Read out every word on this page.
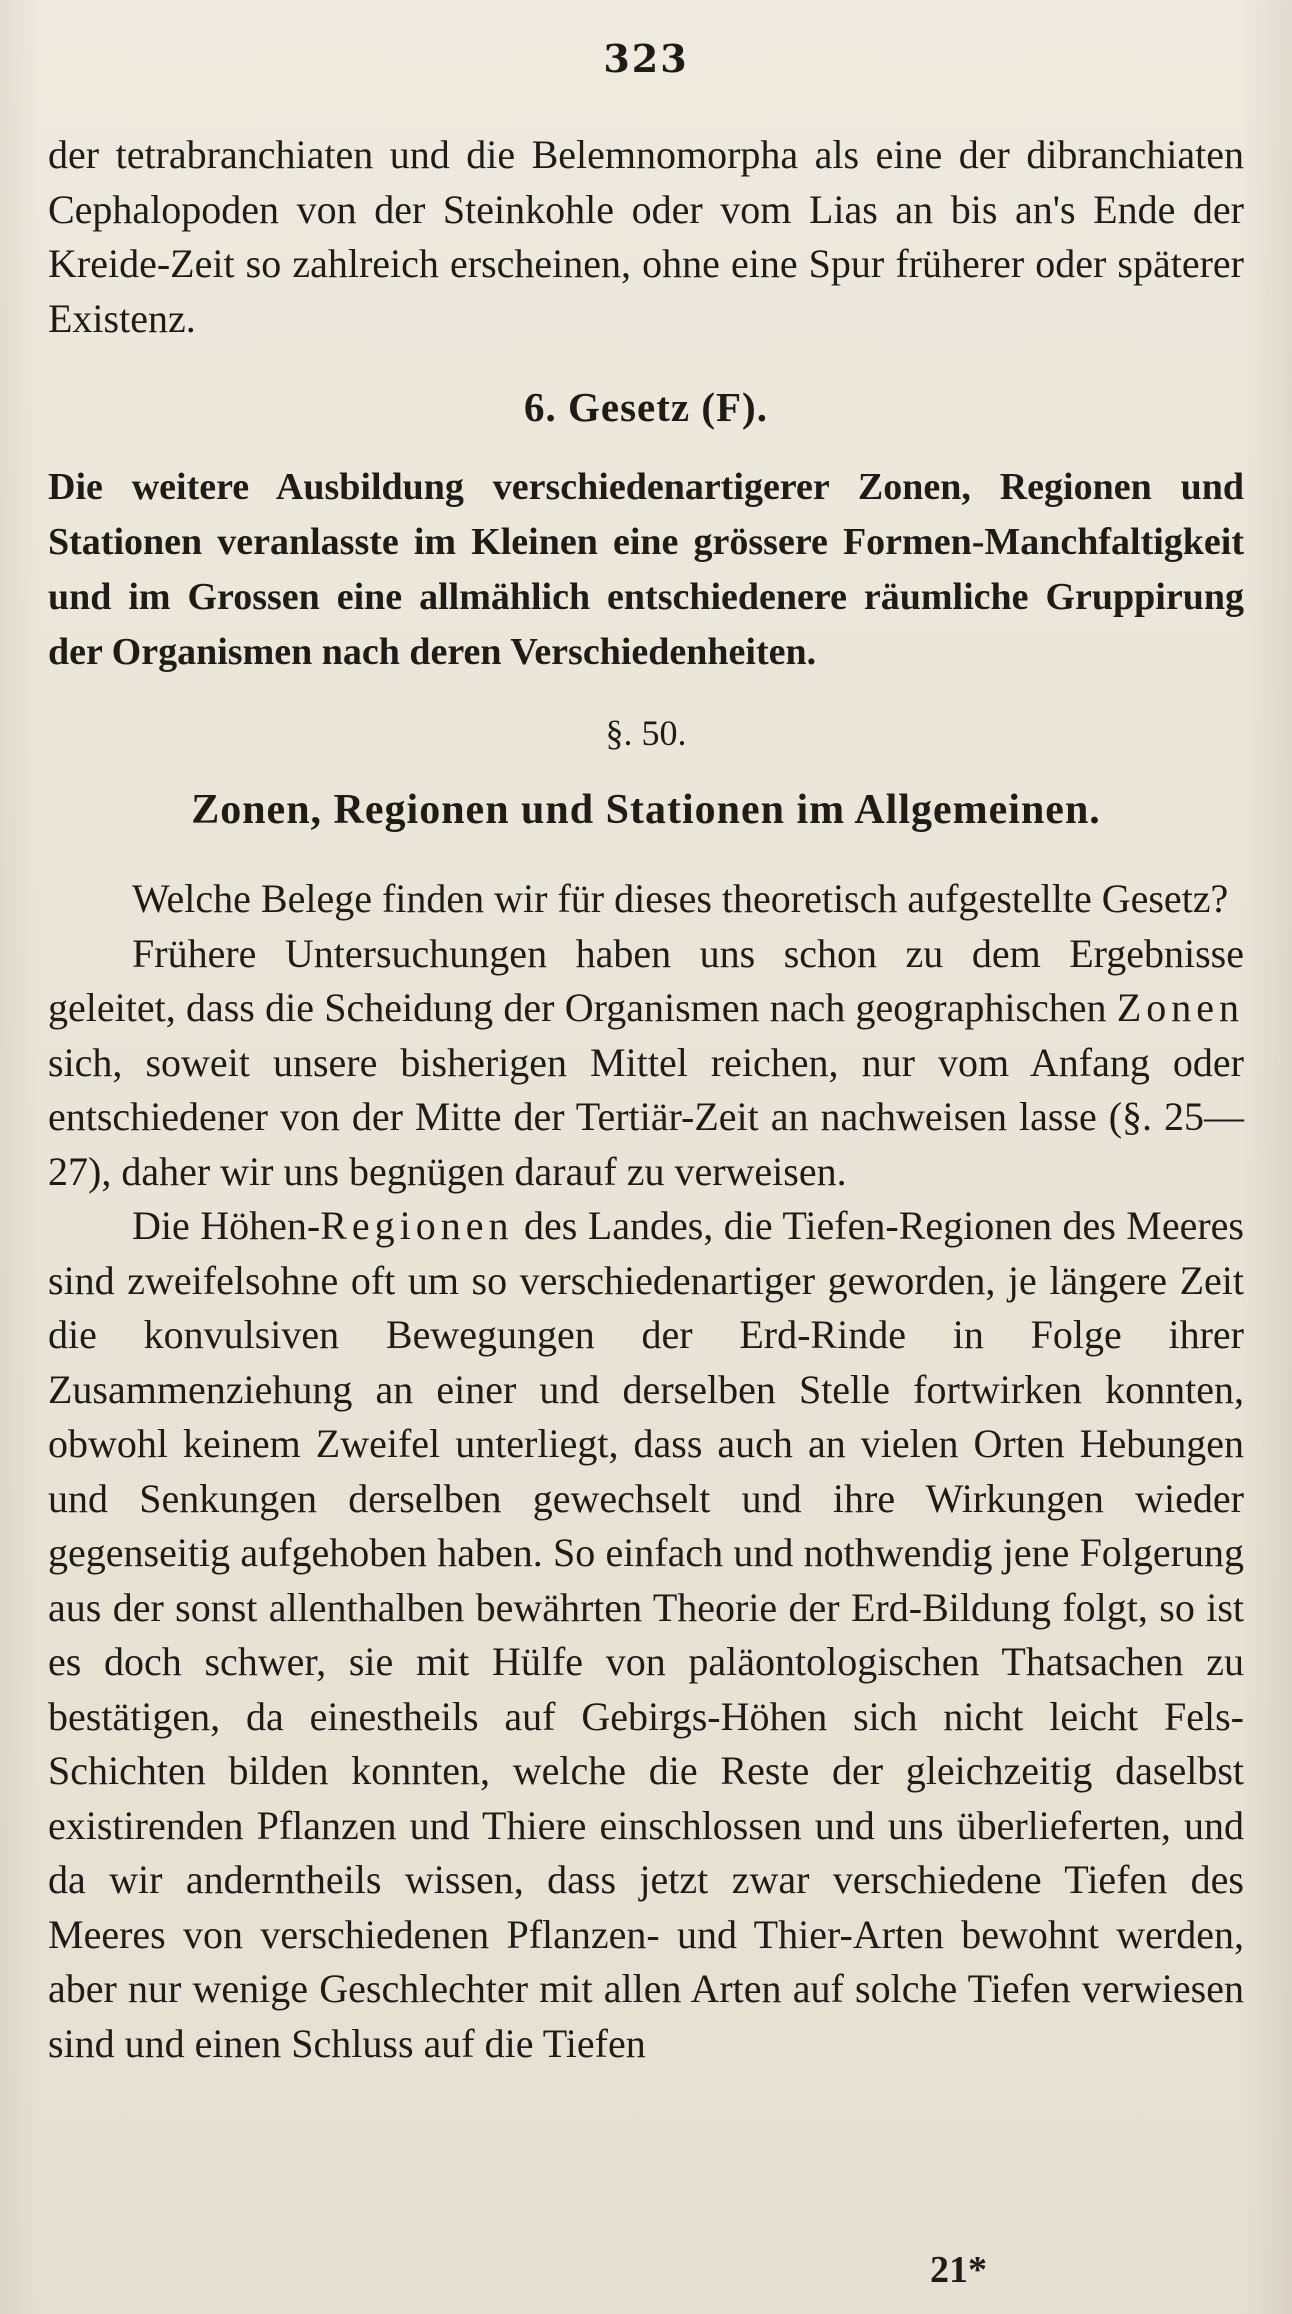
323

der tetrabranchiaten und die Belemnomorpha als eine der dibranchiaten Cephalopoden von der Steinkohle oder vom Lias an bis an's Ende der Kreide-Zeit so zahlreich erscheinen, ohne eine Spur früherer oder späterer Existenz.

6. Gesetz (F).
Die weitere Ausbildung verschiedenartigerer Zonen, Regionen und Stationen veranlasste im Kleinen eine grössere Formen-Manchfaltigkeit und im Grossen eine allmählich entschiedenere räumliche Gruppirung der Organismen nach deren Verschiedenheiten.
§. 50.
Zonen, Regionen und Stationen im Allgemeinen.

Welche Belege finden wir für dieses theoretisch aufgestellte Gesetz?

Frühere Untersuchungen haben uns schon zu dem Ergebnisse geleitet, dass die Scheidung der Organismen nach geographischen Zonen sich, soweit unsere bisherigen Mittel reichen, nur vom Anfang oder entschiedener von der Mitte der Tertiär-Zeit an nachweisen lasse (§. 25—27), daher wir uns begnügen darauf zu verweisen.

Die Höhen-Regionen des Landes, die Tiefen-Regionen des Meeres sind zweifelsohne oft um so verschiedenartiger geworden, je längere Zeit die konvulsiven Bewegungen der Erd-Rinde in Folge ihrer Zusammenziehung an einer und derselben Stelle fortwirken konnten, obwohl keinem Zweifel unterliegt, dass auch an vielen Orten Hebungen und Senkungen derselben gewechselt und ihre Wirkungen wieder gegenseitig aufgehoben haben. So einfach und nothwendig jene Folgerung aus der sonst allenthalben bewährten Theorie der Erd-Bildung folgt, so ist es doch schwer, sie mit Hülfe von paläontologischen Thatsachen zu bestätigen, da einestheils auf Gebirgs-Höhen sich nicht leicht Fels-Schichten bilden konnten, welche die Reste der gleichzeitig daselbst existirenden Pflanzen und Thiere einschlossen und uns überlieferten, und da wir anderntheils wissen, dass jetzt zwar verschiedene Tiefen des Meeres von verschiedenen Pflanzen- und Thier-Arten bewohnt werden, aber nur wenige Geschlechter mit allen Arten auf solche Tiefen verwiesen sind und einen Schluss auf die Tiefen

21*
